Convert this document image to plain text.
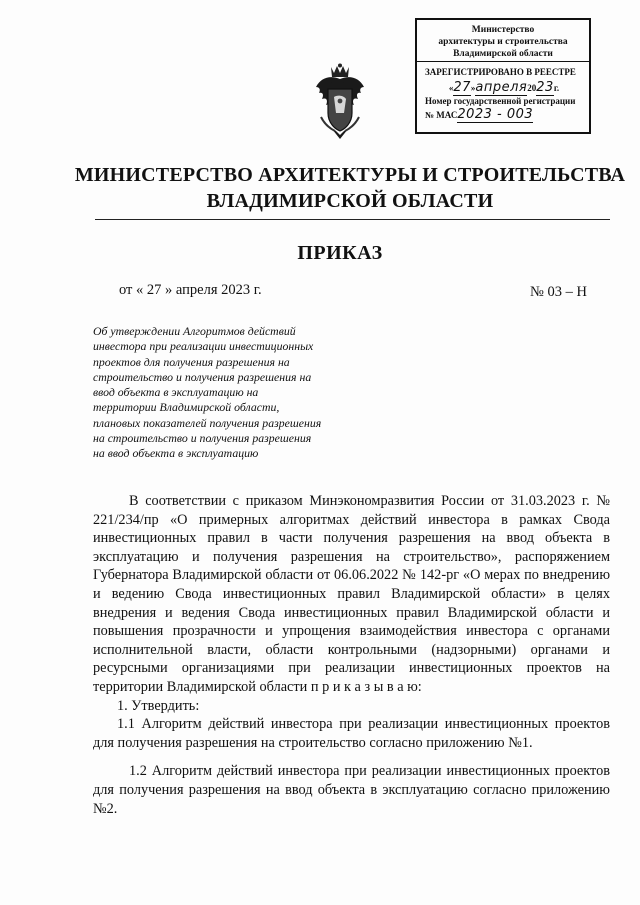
Министерство
архитектуры и строительства
Владимирской области
ЗАРЕГИСТРИРОВАНО В РЕЕСТРЕ
«27»апреля2023г.
Номер государственной регистрации
№ МАС2023 - 003
МИНИСТЕРСТВО АРХИТЕКТУРЫ И СТРОИТЕЛЬСТВА
ВЛАДИМИРСКОЙ ОБЛАСТИ
ПРИКАЗ
от « 27 » апреля 2023 г.	№ 03 – Н
Об утверждении Алгоритмов действий
инвестора при реализации инвестиционных
проектов для получения разрешения на
строительство и получения разрешения на
ввод объекта в эксплуатацию на
территории Владимирской области,
плановых показателей получения разрешения
на строительство и получения разрешения
на ввод объекта в эксплуатацию

В соответствии с приказом Минэкономразвития России от 31.03.2023 г. № 221/234/пр «О примерных алгоритмах действий инвестора в рамках Свода инвестиционных правил в части получения разрешения на ввод объекта в эксплуатацию и получения разрешения на строительство», распоряжением Губернатора Владимирской области от 06.06.2022 № 142-рг «О мерах по внедрению и ведению Свода инвестиционных правил Владимирской области» в целях внедрения и ведения Свода инвестиционных правил Владимирской области и повышения прозрачности и упрощения взаимодействия инвестора с органами исполнительной власти, области контрольными (надзорными) органами и ресурсными организациями при реализации инвестиционных проектов на территории Владимирской области п р и к а з ы в а ю:

1. Утвердить:

1.1 Алгоритм действий инвестора при реализации инвестиционных проектов для получения разрешения на строительство согласно приложению №1.

1.2 Алгоритм действий инвестора при реализации инвестиционных проектов для получения разрешения на ввод объекта в эксплуатацию согласно приложению №2.
